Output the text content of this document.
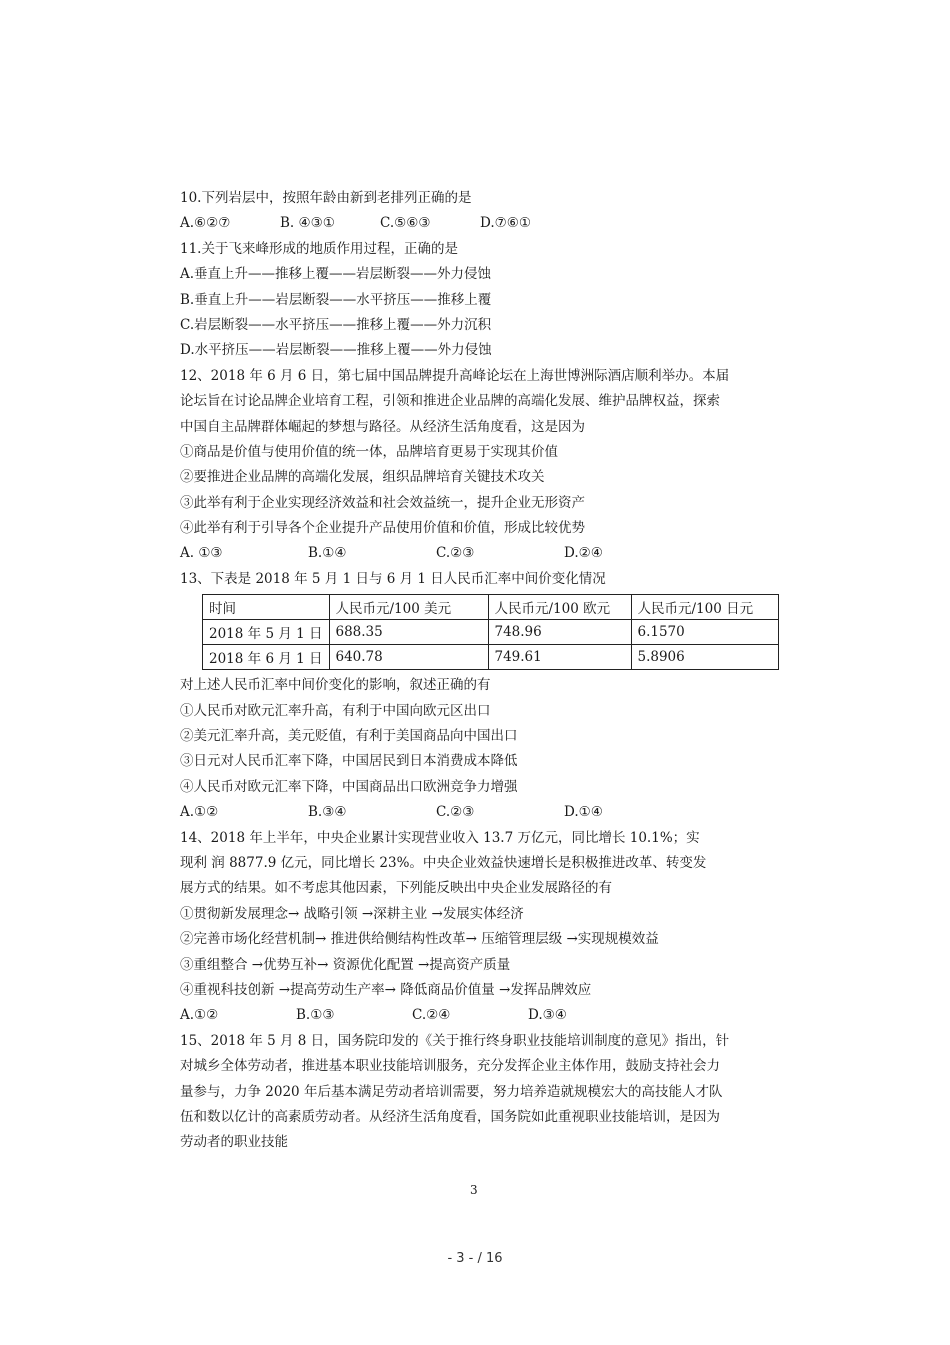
10.下列岩层中，按照年龄由新到老排列正确的是
A.⑥②⑦	B. ④③①	C.⑤⑥③	D.⑦⑥①
11.关于飞来峰形成的地质作用过程，正确的是
A.垂直上升——推移上覆——岩层断裂——外力侵蚀
B.垂直上升——岩层断裂——水平挤压——推移上覆
C.岩层断裂——水平挤压——推移上覆——外力沉积
D.水平挤压——岩层断裂——推移上覆——外力侵蚀
12、2018 年 6 月 6 日，第七届中国品牌提升高峰论坛在上海世博洲际酒店顺利举办。本届
论坛旨在讨论品牌企业培育工程，引领和推进企业品牌的高端化发展、维护品牌权益，探索
中国自主品牌群体崛起的梦想与路径。从经济生活角度看，这是因为
①商品是价值与使用价值的统一体，品牌培育更易于实现其价值
②要推进企业品牌的高端化发展，组织品牌培育关键技术攻关
③此举有利于企业实现经济效益和社会效益统一，提升企业无形资产
④此举有利于引导各个企业提升产品使用价值和价值，形成比较优势
A. ①③	B.①④	C.②③	D.②④
13、下表是 2018 年 5 月 1 日与 6 月 1 日人民币汇率中间价变化情况
时间	人民币元/100 美元	人民币元/100 欧元	人民币元/100 日元
2018 年 5 月 1 日	688.35	748.96	6.1570
2018 年 6 月 1 日	640.78	749.61	5.8906
对上述人民币汇率中间价变化的影响，叙述正确的有
①人民币对欧元汇率升高，有利于中国向欧元区出口
②美元汇率升高，美元贬值，有利于美国商品向中国出口
③日元对人民币汇率下降，中国居民到日本消费成本降低
④人民币对欧元汇率下降，中国商品出口欧洲竞争力增强
A.①②	B.③④	C.②③	D.①④
14、2018 年上半年，中央企业累计实现营业收入 13.7 万亿元，同比增长 10.1%；实
现利 润 8877.9 亿元，同比增长 23%。中央企业效益快速增长是积极推进改革、转变发
展方式的结果。如不考虑其他因素，下列能反映出中央企业发展路径的有
①贯彻新发展理念→ 战略引领 →深耕主业 →发展实体经济
②完善市场化经营机制→ 推进供给侧结构性改革→ 压缩管理层级 →实现规模效益
③重组整合 →优势互补→ 资源优化配置 →提高资产质量
④重视科技创新 →提高劳动生产率→ 降低商品价值量 →发挥品牌效应
A.①②	B.①③	C.②④	D.③④
15、2018 年 5 月 8 日，国务院印发的《关于推行终身职业技能培训制度的意见》指出，针
对城乡全体劳动者，推进基本职业技能培训服务，充分发挥企业主体作用，鼓励支持社会力
量参与，力争 2020 年后基本满足劳动者培训需要，努力培养造就规模宏大的高技能人才队
伍和数以亿计的高素质劳动者。从经济生活角度看，国务院如此重视职业技能培训，是因为
劳动者的职业技能
3
- 3 - / 16
